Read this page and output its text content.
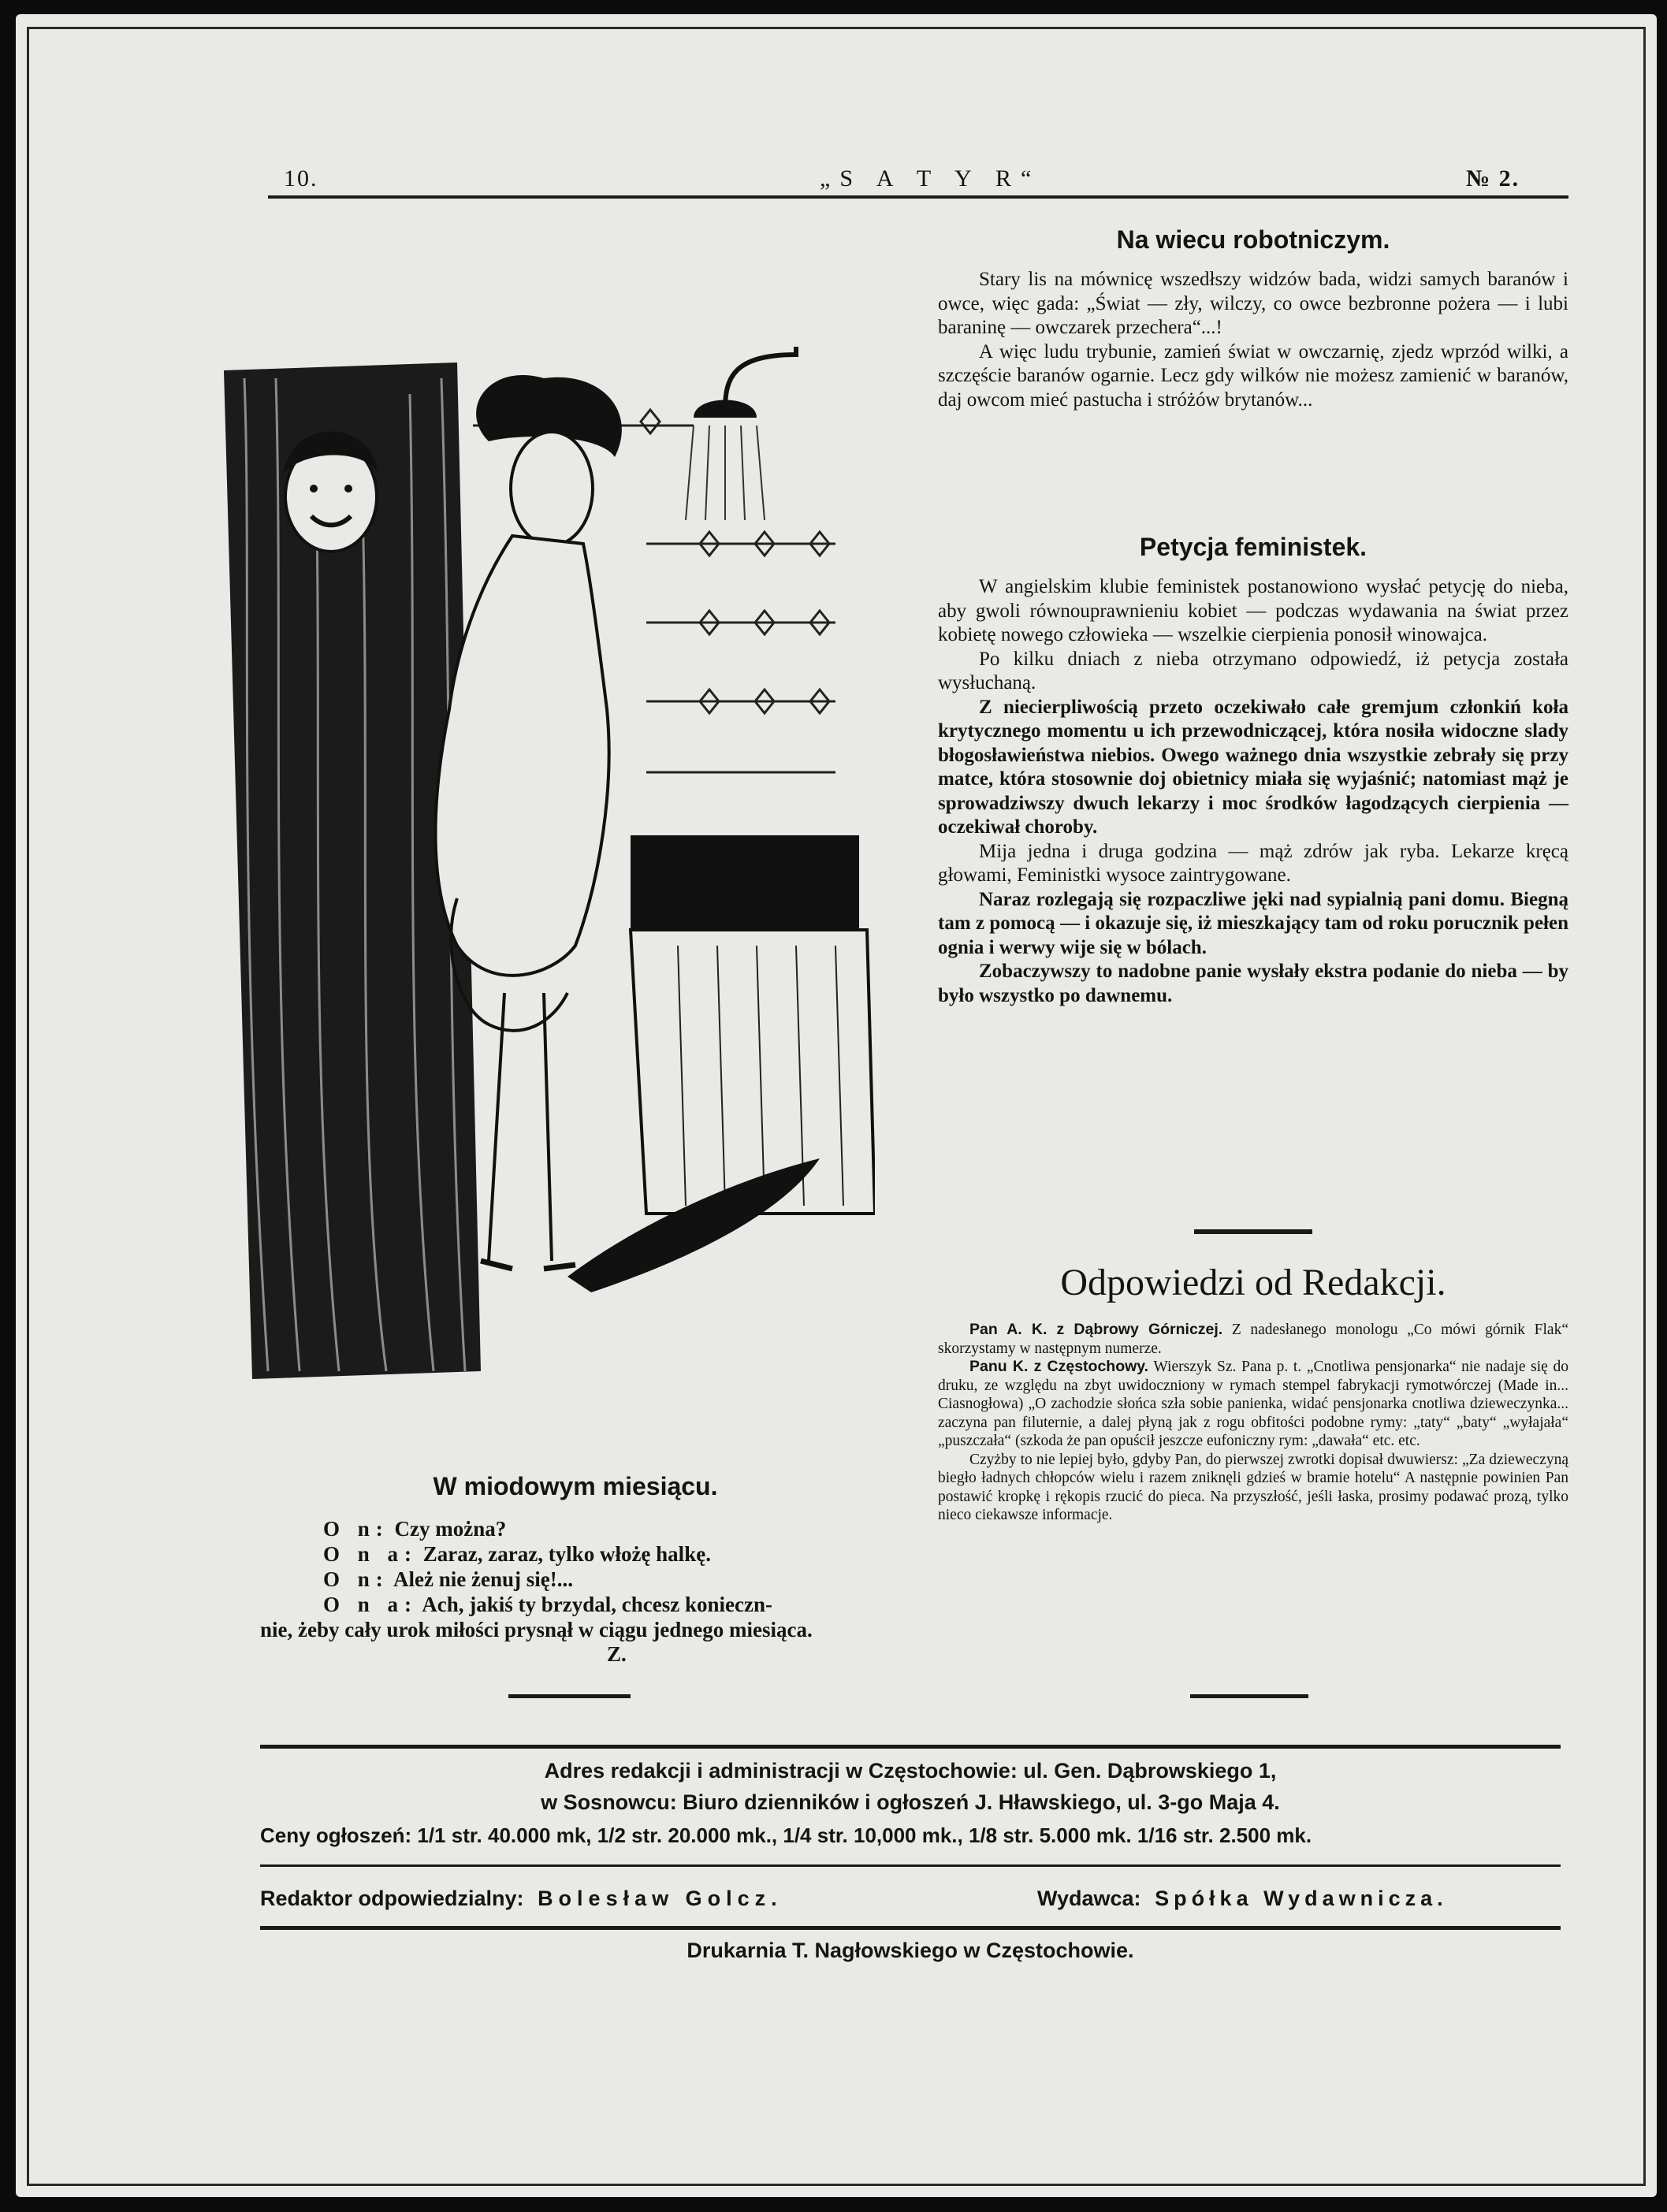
10.	„S A T Y R“	№ 2.
Na wiecu robotniczym.

Stary lis na mównicę wszedłszy widzów bada, widzi samych baranów i owce, więc gada: „Świat — zły, wilczy, co owce bezbronne pożera — i lubi baraninę — owczarek przechera“...!

A więc ludu trybunie, zamień świat w owczarnię, zjedz wprzód wilki, a szczęście baranów ogarnie. Lecz gdy wilków nie możesz zamienić w baranów, daj owcom mieć pastucha i stróżów brytanów...

Petycja feministek.

W angielskim klubie feministek postanowiono wysłać petycję do nieba, aby gwoli równouprawnieniu kobiet — podczas wydawania na świat przez kobietę nowego człowieka — wszelkie cierpienia ponosił winowajca.

Po kilku dniach z nieba otrzymano odpowiedź, iż petycja została wysłuchaną.

Z niecierpliwością przeto oczekiwało całe gremjum członkiń koła krytycznego momentu u ich przewodniczącej, która nosiła widoczne slady błogosławieństwa niebios. Owego ważnego dnia wszystkie zebrały się przy matce, która stosownie doj obietnicy miała się wyjaśnić; natomiast mąż je sprowadziwszy dwuch lekarzy i moc środków łagodzących cierpienia — oczekiwał choroby.

Mija jedna i druga godzina — mąż zdrów jak ryba. Lekarze kręcą głowami, Feministki wysoce zaintrygowane.

Naraz rozlegają się rozpaczliwe jęki nad sypialnią pani domu. Biegną tam z pomocą — i okazuje się, iż mieszkający tam od roku porucznik pełen ognia i werwy wije się w bólach.

Zobaczywszy to nadobne panie wysłały ekstra podanie do nieba — by było wszystko po dawnemu.

Odpowiedzi od Redakcji.

Pan A. K. z Dąbrowy Górniczej. Z nadesłanego monologu „Co mówi górnik Flak“ skorzystamy w następnym numerze.

Panu K. z Częstochowy. Wierszyk Sz. Pana p. t. „Cnotliwa pensjonarka“ nie nadaje się do druku, ze względu na zbyt uwidoczniony w rymach stempel fabrykacji rymotwórczej (Made in... Ciasnogłowa) „O zachodzie słońca szła sobie panienka, widać pensjonarka cnotliwa dzieweczynka... zaczyna pan filuternie, a dalej płyną jak z rogu obfitości podobne rymy: „taty“ „baty“ „wyłajała“ „puszczała“ (szkoda że pan opuścił jeszcze eufoniczny rym: „dawała“ etc. etc.

Czyżby to nie lepiej było, gdyby Pan, do pierwszej zwrotki dopisał dwuwiersz: „Za dzieweczyną biegło ładnych chłopców wielu i razem zniknęli gdzieś w bramie hotelu“ A następnie powinien Pan postawić kropkę i rękopis rzucić do pieca. Na przyszłość, jeśli łaska, prosimy podawać prozą, tylko nieco ciekawsze informacje.

W miodowym miesiącu.

O n: Czy można?

O n a: Zaraz, zaraz, tylko włożę halkę.

O n: Ależ nie żenuj się!...

O n a: Ach, jakiś ty brzydal, chcesz konieczn-

nie, żeby cały urok miłości prysnął w ciągu jednego miesiąca.

Z.
Adres redakcji i administracji w Częstochowie: ul. Gen. Dąbrowskiego 1,
w Sosnowcu: Biuro dzienników i ogłoszeń J. Hławskiego, ul. 3-go Maja 4.
Ceny ogłoszeń: 1/1 str. 40.000 mk, 1/2 str. 20.000 mk., 1/4 str. 10,000 mk., 1/8 str. 5.000 mk. 1/16 str. 2.500 mk.
Redaktor odpowiedzialny: Bolesław Golcz.	Wydawca: Spółka Wydawnicza.
Drukarnia T. Nagłowskiego w Częstochowie.
